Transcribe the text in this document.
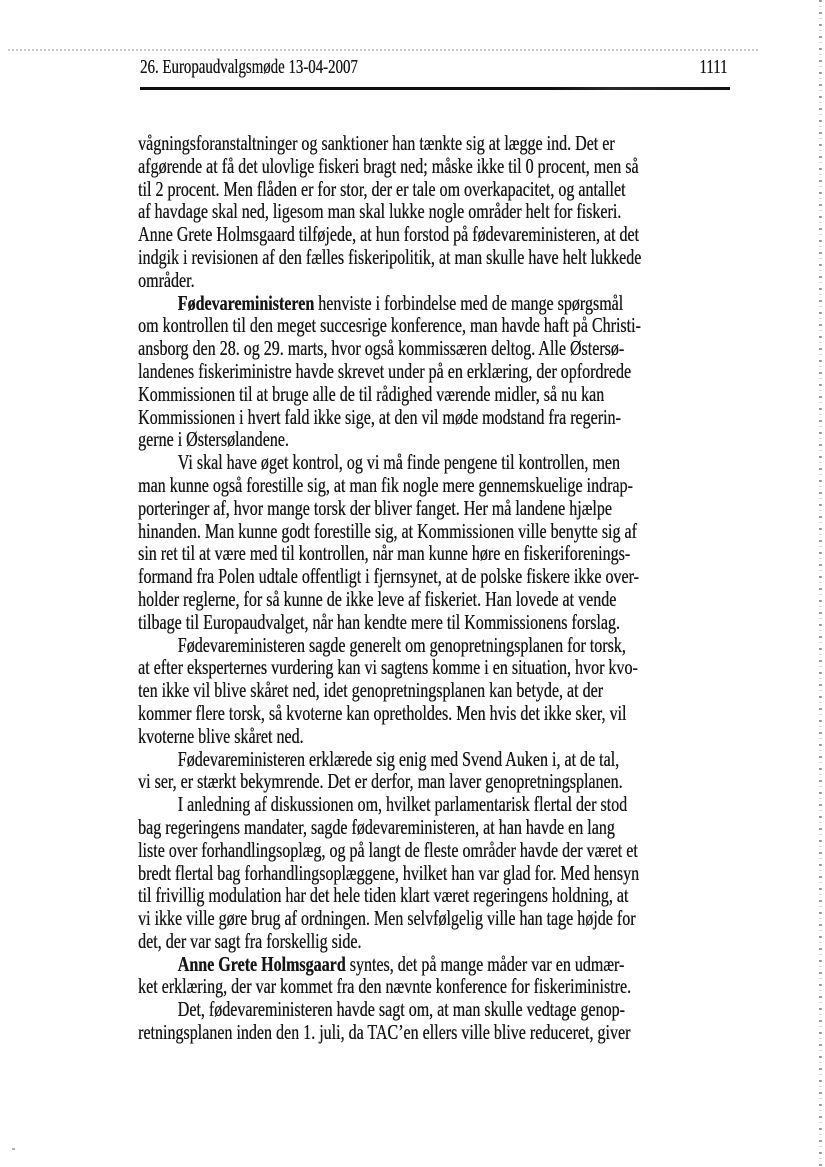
26. Europaudvalgsmøde 13-04-2007	1111

vågningsforanstaltninger og sanktioner han tænkte sig at lægge ind. Det er
afgørende at få det ulovlige fiskeri bragt ned; måske ikke til 0 procent, men så
til 2 procent. Men flåden er for stor, der er tale om overkapacitet, og antallet
af havdage skal ned, ligesom man skal lukke nogle områder helt for fiskeri.
Anne Grete Holmsgaard tilføjede, at hun forstod på fødevareministeren, at det
indgik i revisionen af den fælles fiskeripolitik, at man skulle have helt lukkede
områder.

Fødevareministeren henviste i forbindelse med de mange spørgsmål
om kontrollen til den meget succesrige konference, man havde haft på Christi-
ansborg den 28. og 29. marts, hvor også kommissæren deltog. Alle Østersø-
landenes fiskeriministre havde skrevet under på en erklæring, der opfordrede
Kommissionen til at bruge alle de til rådighed værende midler, så nu kan
Kommissionen i hvert fald ikke sige, at den vil møde modstand fra regerin-
gerne i Østersølandene.

Vi skal have øget kontrol, og vi må finde pengene til kontrollen, men
man kunne også forestille sig, at man fik nogle mere gennemskuelige indrap-
porteringer af, hvor mange torsk der bliver fanget. Her må landene hjælpe
hinanden. Man kunne godt forestille sig, at Kommissionen ville benytte sig af
sin ret til at være med til kontrollen, når man kunne høre en fiskeriforenings-
formand fra Polen udtale offentligt i fjernsynet, at de polske fiskere ikke over-
holder reglerne, for så kunne de ikke leve af fiskeriet. Han lovede at vende
tilbage til Europaudvalget, når han kendte mere til Kommissionens forslag.

Fødevareministeren sagde generelt om genopretningsplanen for torsk,
at efter eksperternes vurdering kan vi sagtens komme i en situation, hvor kvo-
ten ikke vil blive skåret ned, idet genopretningsplanen kan betyde, at der
kommer flere torsk, så kvoterne kan opretholdes. Men hvis det ikke sker, vil
kvoterne blive skåret ned.

Fødevareministeren erklærede sig enig med Svend Auken i, at de tal,
vi ser, er stærkt bekymrende. Det er derfor, man laver genopretningsplanen.

I anledning af diskussionen om, hvilket parlamentarisk flertal der stod
bag regeringens mandater, sagde fødevareministeren, at han havde en lang
liste over forhandlingsoplæg, og på langt de fleste områder havde der været et
bredt flertal bag forhandlingsoplæggene, hvilket han var glad for. Med hensyn
til frivillig modulation har det hele tiden klart været regeringens holdning, at
vi ikke ville gøre brug af ordningen. Men selvfølgelig ville han tage højde for
det, der var sagt fra forskellig side.

Anne Grete Holmsgaard syntes, det på mange måder var en udmær-
ket erklæring, der var kommet fra den nævnte konference for fiskeriministre.

Det, fødevareministeren havde sagt om, at man skulle vedtage genop-
retningsplanen inden den 1. juli, da TAC’en ellers ville blive reduceret, giver
